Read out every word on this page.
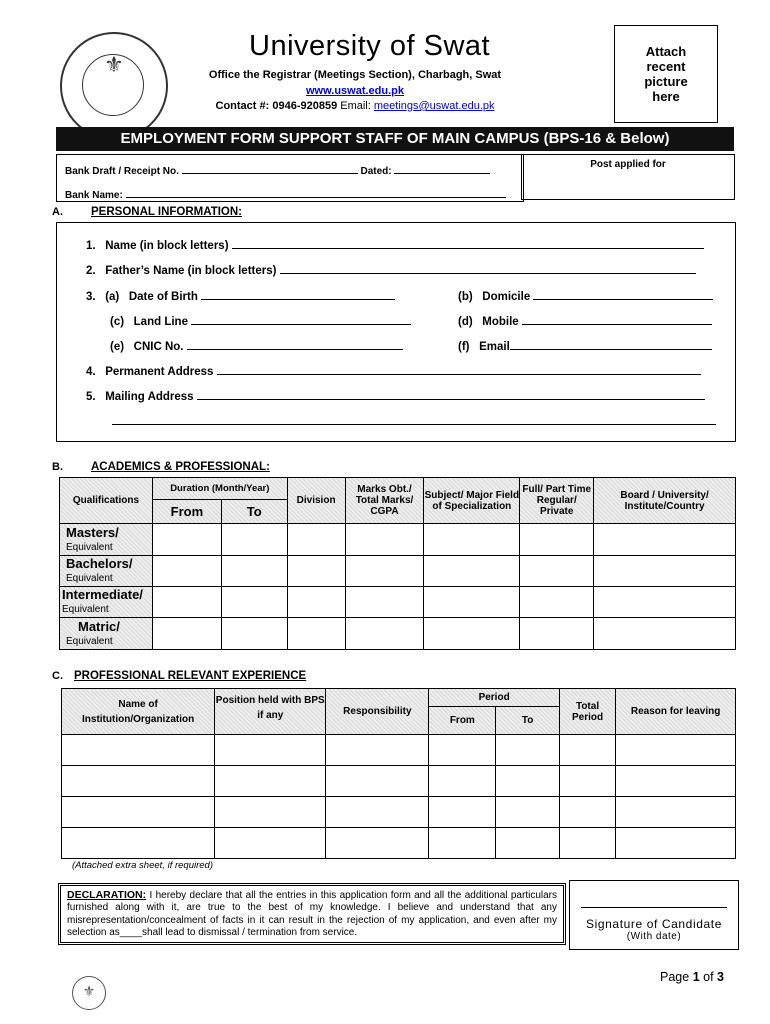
⚜
University of Swat
Office the Registrar (Meetings Section), Charbagh, Swat
www.uswat.edu.pk
Contact #: 0946-920859 Email: meetings@uswat.edu.pk
Attach recent picture here
EMPLOYMENT FORM SUPPORT STAFF OF MAIN CAMPUS (BPS-16 & Below)
Bank Draft / Receipt No.	Dated:
Bank Name:
Post applied for
A. PERSONAL INFORMATION:
1. Name (in block letters)
2. Father’s Name (in block letters)
3. (a) Date of Birth	(b) Domicile
(c) Land Line	(d) Mobile
(e) CNIC No.	(f) Email
4. Permanent Address
5. Mailing Address
B. ACADEMICS & PROFESSIONAL:
Qualifications	Duration (Month/Year)		Division	Marks Obt./ Total Marks/ CGPA	Subject/ Major Field of Specialization	Full/ Part Time Regular/ Private	Board / University/ Institute/Country
	From	To					
Masters/
Equivalent							
Bachelors/
Equivalent							
Intermediate/
Equivalent							
Matric/
Equivalent							
C. PROFESSIONAL RELEVANT EXPERIENCE
Name of Institution/Organization	Position held with BPS if any	Responsibility	Period		Total Period	Reason for leaving
			From	To		

(Attached extra sheet, if required)
DECLARATION: I hereby declare that all the entries in this application form and all the additional particulars furnished along with it, are true to the best of my knowledge. I believe and understand that any misrepresentation/concealment of facts in it can result in the rejection of my application, and even after my selection as____shall lead to dismissal / termination from service.
Signature of Candidate
(With date)
Page 1 of 3
⚜
